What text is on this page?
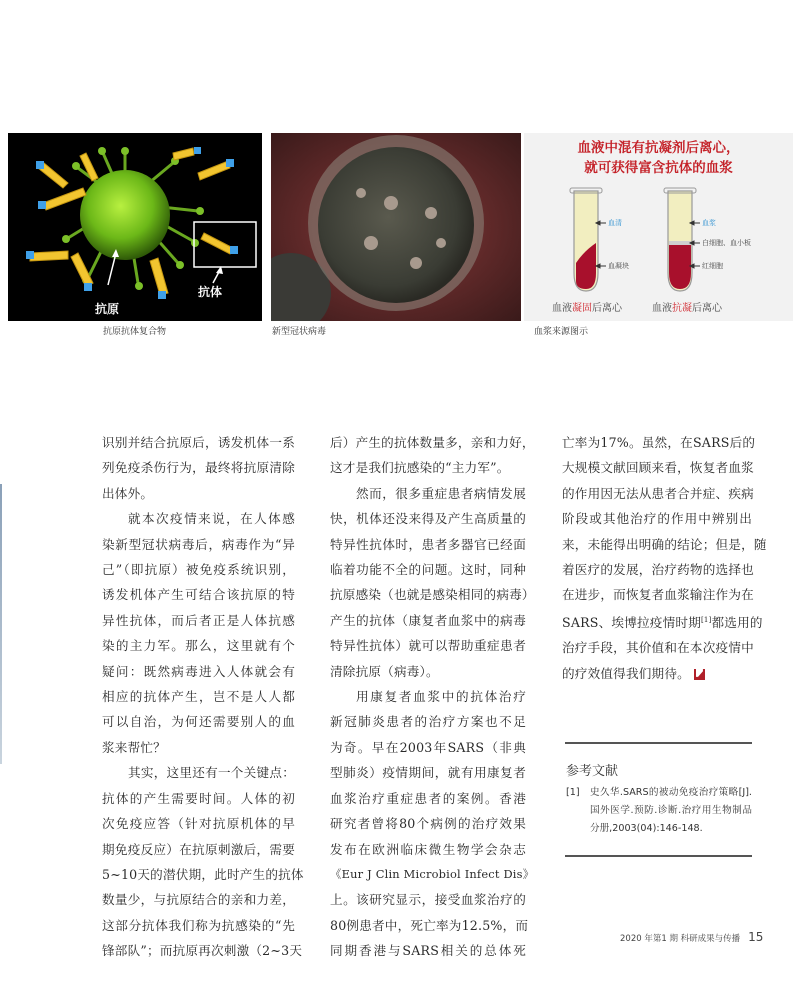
抗原
抗体
抗原抗体复合物	新型冠状病毒
血液中混有抗凝剂后离心，
就可获得富含抗体的血浆
血清
血凝块
血浆
白细胞、血小板
红细胞
血液凝固后离心	血液抗凝后离心
血浆来源图示
识别并结合抗原后，诱发机体一系
列免疫杀伤行为，最终将抗原清除
出体外。
就本次疫情来说，在人体感
染新型冠状病毒后，病毒作为“异
己”（即抗原）被免疫系统识别，
诱发机体产生可结合该抗原的特
异性抗体，而后者正是人体抗感
染的主力军。那么，这里就有个
疑问：既然病毒进入人体就会有
相应的抗体产生，岂不是人人都
可以自治，为何还需要别人的血
浆来帮忙？
其实，这里还有一个关键点：
抗体的产生需要时间。人体的初
次免疫应答（针对抗原机体的早
期免疫反应）在抗原刺激后，需要
5~10天的潜伏期，此时产生的抗体
数量少，与抗原结合的亲和力差，
这部分抗体我们称为抗感染的“先
锋部队”；而抗原再次刺激（2~3天
后）产生的抗体数量多，亲和力好，
这才是我们抗感染的“主力军”。
然而，很多重症患者病情发展
快，机体还没来得及产生高质量的
特异性抗体时，患者多器官已经面
临着功能不全的问题。这时，同种
抗原感染（也就是感染相同的病毒）
产生的抗体（康复者血浆中的病毒
特异性抗体）就可以帮助重症患者
清除抗原（病毒）。
用康复者血浆中的抗体治疗
新冠肺炎患者的治疗方案也不足
为奇。早在2003年SARS（非典
型肺炎）疫情期间，就有用康复者
血浆治疗重症患者的案例。香港
研究者曾将80个病例的治疗效果
发布在欧洲临床微生物学会杂志
《Eur J Clin Microbiol Infect Dis》
上。该研究显示，接受血浆治疗的
80例患者中，死亡率为12.5%，而
同期香港与SARS相关的总体死
亡率为17%。虽然，在SARS后的
大规模文献回顾来看，恢复者血浆
的作用因无法从患者合并症、疾病
阶段或其他治疗的作用中辨别出
来，未能得出明确的结论；但是，随
着医疗的发展，治疗药物的选择也
在进步，而恢复者血浆输注作为在
SARS、埃博拉疫情时期[1]都选用的
治疗手段，其价值和在本次疫情中
的疗效值得我们期待。
参考文献
[1] 史久华.SARS的被动免疫治疗策略[J].国外医学.预防.诊断.治疗用生物制品分册,2003(04):146-148.
2020 年第1 期 科研成果与传播 15
